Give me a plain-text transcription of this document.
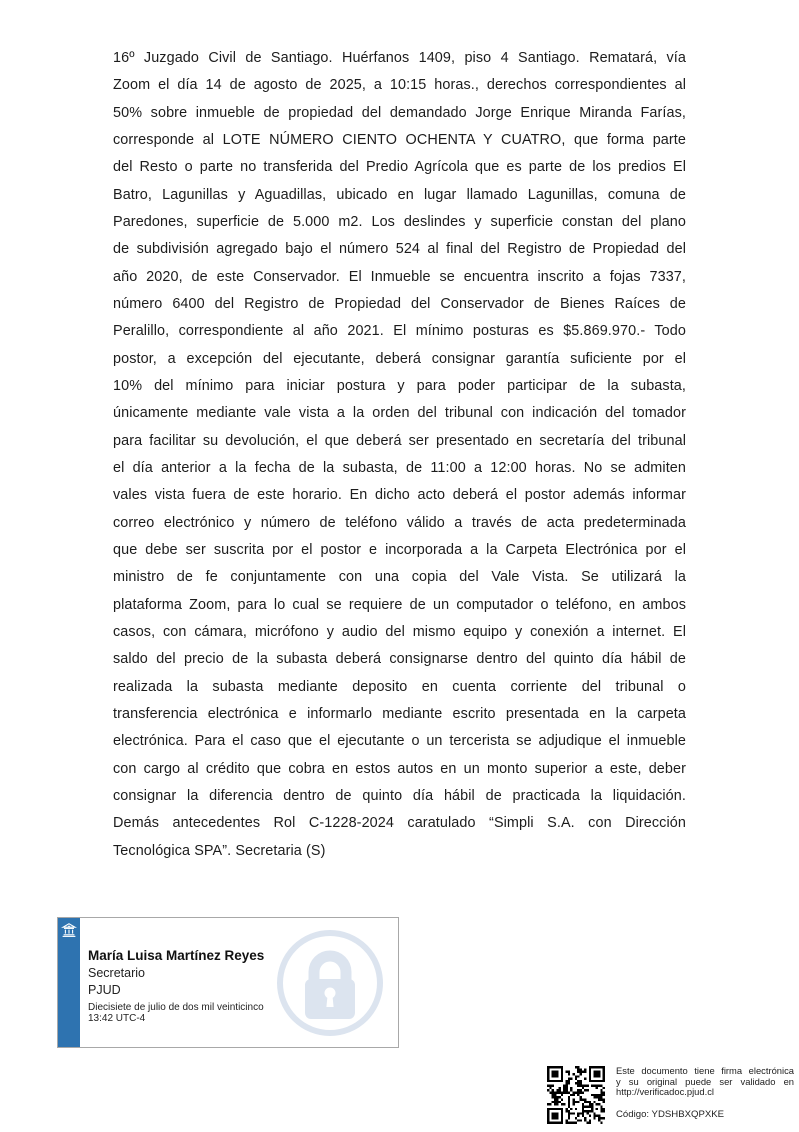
16º Juzgado Civil de Santiago. Huérfanos 1409, piso 4 Santiago. Rematará, vía
Zoom el día 14 de agosto de 2025, a 10:15 horas., derechos correspondientes al
50% sobre inmueble de propiedad del demandado Jorge Enrique Miranda Farías,
corresponde al LOTE NÚMERO CIENTO OCHENTA Y CUATRO, que forma parte
del Resto o parte no transferida del Predio Agrícola que es parte de los predios El
Batro, Lagunillas y Aguadillas, ubicado en lugar llamado Lagunillas, comuna de
Paredones, superficie de 5.000 m2. Los deslindes y superficie constan del plano
de subdivisión agregado bajo el número 524 al final del Registro de Propiedad del
año 2020, de este Conservador. El Inmueble se encuentra inscrito a fojas 7337,
número 6400 del Registro de Propiedad del Conservador de Bienes Raíces de
Peralillo, correspondiente al año 2021. El mínimo posturas es $5.869.970.- Todo
postor, a excepción del ejecutante, deberá consignar garantía suficiente por el
10% del mínimo para iniciar postura y para poder participar de la subasta,
únicamente mediante vale vista a la orden del tribunal con indicación del tomador
para facilitar su devolución, el que deberá ser presentado en secretaría del tribunal
el día anterior a la fecha de la subasta, de 11:00 a 12:00 horas. No se admiten
vales vista fuera de este horario. En dicho acto deberá el postor además informar
correo electrónico y número de teléfono válido a través de acta predeterminada
que debe ser suscrita por el postor e incorporada a la Carpeta Electrónica por el
ministro de fe conjuntamente con una copia del Vale Vista. Se utilizará la
plataforma Zoom, para lo cual se requiere de un computador o teléfono, en ambos
casos, con cámara, micrófono y audio del mismo equipo y conexión a internet. El
saldo del precio de la subasta deberá consignarse dentro del quinto día hábil de
realizada la subasta mediante deposito en cuenta corriente del tribunal o
transferencia electrónica e informarlo mediante escrito presentada en la carpeta
electrónica. Para el caso que el ejecutante o un tercerista se adjudique el inmueble
con cargo al crédito que cobra en estos autos en un monto superior a este, deber
consignar la diferencia dentro de quinto día hábil de practicada la liquidación.
Demás antecedentes Rol C-1228-2024 caratulado “Simpli S.A. con Dirección
Tecnológica SPA”. Secretaria (S)
María Luisa Martínez Reyes
Secretario
PJUD
Diecisiete de julio de dos mil veinticinco
13:42 UTC-4
Este documento tiene firma electrónica
y su original puede ser validado en
http://verificadoc.pjud.cl
Código: YDSHBXQPXKE
